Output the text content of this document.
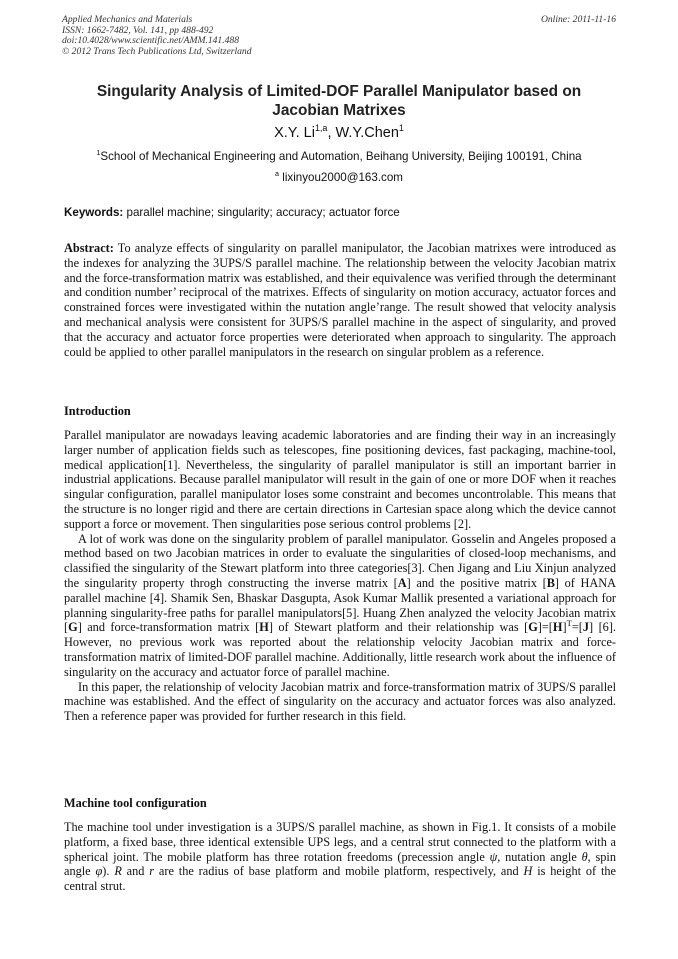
Applied Mechanics and Materials
ISSN: 1662-7482, Vol. 141, pp 488-492
doi:10.4028/www.scientific.net/AMM.141.488
© 2012 Trans Tech Publications Ltd, Switzerland
Online: 2011-11-16
Singularity Analysis of Limited-DOF Parallel Manipulator based on Jacobian Matrixes
X.Y. Li$^{1,a}$, W.Y.Chen$^1$
$^1$School of Mechanical Engineering and Automation, Beihang University, Beijing 100191, China
$^a$ lixinyou2000@163.com
Keywords: parallel machine; singularity; accuracy; actuator force
Abstract: To analyze effects of singularity on parallel manipulator, the Jacobian matrixes were introduced as the indexes for analyzing the 3UPS/S parallel machine. The relationship between the velocity Jacobian matrix and the force-transformation matrix was established, and their equivalence was verified through the determinant and condition number’ reciprocal of the matrixes. Effects of singularity on motion accuracy, actuator forces and constrained forces were investigated within the nutation angle’range. The result showed that velocity analysis and mechanical analysis were consistent for 3UPS/S parallel machine in the aspect of singularity, and proved that the accuracy and actuator force properties were deteriorated when approach to singularity. The approach could be applied to other parallel manipulators in the research on singular problem as a reference.
Introduction

Parallel manipulator are nowadays leaving academic laboratories and are finding their way in an increasingly larger number of application fields such as telescopes, fine positioning devices, fast packaging, machine-tool, medical application[1]. Nevertheless, the singularity of parallel manipulator is still an important barrier in industrial applications. Because parallel manipulator will result in the gain of one or more DOF when it reaches singular configuration, parallel manipulator loses some constraint and becomes uncontrolable. This means that the structure is no longer rigid and there are certain directions in Cartesian space along which the device cannot support a force or movement. Then singularities pose serious control problems [2].

A lot of work was done on the singularity problem of parallel manipulator. Gosselin and Angeles proposed a method based on two Jacobian matrices in order to evaluate the singularities of closed-loop mechanisms, and classified the singularity of the Stewart platform into three categories[3]. Chen Jigang and Liu Xinjun analyzed the singularity property throgh constructing the inverse matrix [A] and the positive matrix [B] of HANA parallel machine [4]. Shamik Sen, Bhaskar Dasgupta, Asok Kumar Mallik presented a variational approach for planning singularity-free paths for parallel manipulators[5]. Huang Zhen analyzed the velocity Jacobian matrix [G] and force-transformation matrix [H] of Stewart platform and their relationship was $[G]=[H]^T=[J]$ [6]. However, no previous work was reported about the relationship velocity Jacobian matrix and force-transformation matrix of limited-DOF parallel machine. Additionally, little research work about the influence of singularity on the accuracy and actuator force of parallel machine.

In this paper, the relationship of velocity Jacobian matrix and force-transformation matrix of 3UPS/S parallel machine was established. And the effect of singularity on the accuracy and actuator forces was also analyzed. Then a reference paper was provided for further research in this field.

Machine tool configuration

The machine tool under investigation is a 3UPS/S parallel machine, as shown in Fig.1. It consists of a mobile platform, a fixed base, three identical extensible UPS legs, and a central strut connected to the platform with a spherical joint. The mobile platform has three rotation freedoms (precession angle ψ, nutation angle θ, spin angle φ). R and r are the radius of base platform and mobile platform, respectively, and H is height of the central strut.
